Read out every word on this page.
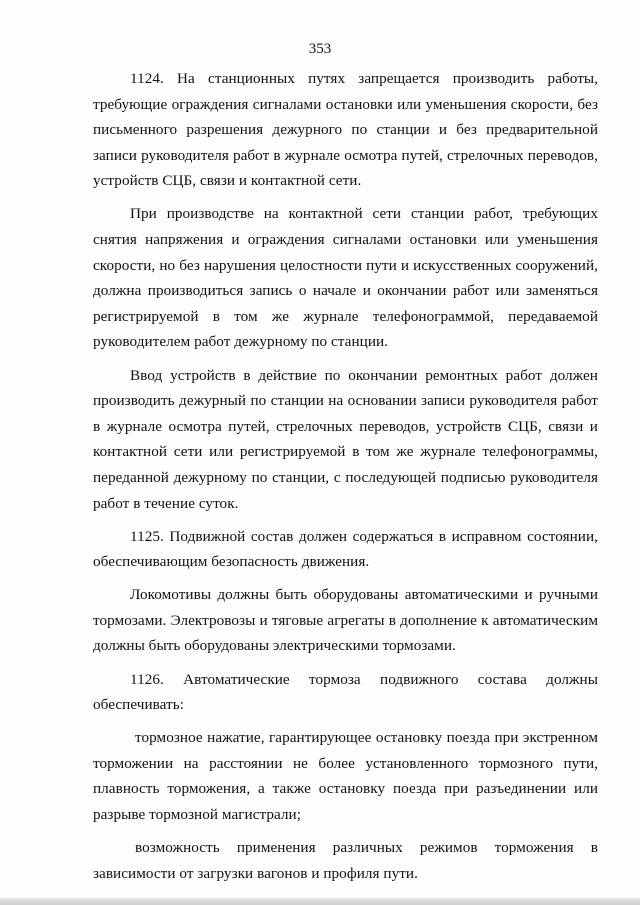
353

1124. На станционных путях запрещается производить работы, требующие ограждения сигналами остановки или уменьшения скорости, без письменного разрешения дежурного по станции и без предварительной записи руководителя работ в журнале осмотра путей, стрелочных переводов, устройств СЦБ, связи и контактной сети.

При производстве на контактной сети станции работ, требующих снятия напряжения и ограждения сигналами остановки или уменьшения скорости, но без нарушения целостности пути и искусственных сооружений, должна производиться запись о начале и окончании работ или заменяться регистрируемой в том же журнале телефонограммой, передаваемой руководителем работ дежурному по станции.

Ввод устройств в действие по окончании ремонтных работ должен производить дежурный по станции на основании записи руководителя работ в журнале осмотра путей, стрелочных переводов, устройств СЦБ, связи и контактной сети или регистрируемой в том же журнале телефонограммы, переданной дежурному по станции, с последующей подписью руководителя работ в течение суток.

1125. Подвижной состав должен содержаться в исправном состоянии, обеспечивающим безопасность движения.

Локомотивы должны быть оборудованы автоматическими и ручными тормозами. Электровозы и тяговые агрегаты в дополнение к автоматическим должны быть оборудованы электрическими тормозами.

1126. Автоматические тормоза подвижного состава должны обеспечивать:

тормозное нажатие, гарантирующее остановку поезда при экстренном торможении на расстоянии не более установленного тормозного пути, плавность торможения, а также остановку поезда при разъединении или разрыве тормозной магистрали;

возможность применения различных режимов торможения в зависимости от загрузки вагонов и профиля пути.
